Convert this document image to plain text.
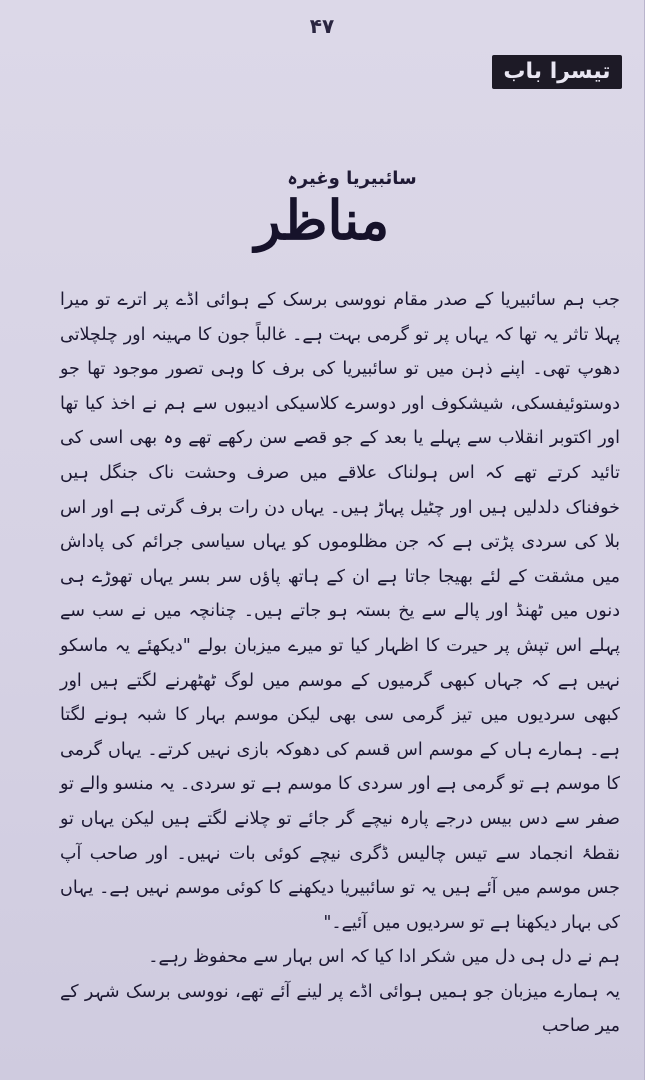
۴۷
تیسرا باب
سائبیریا وغیرہ
مناظر

جب ہم سائبیریا کے صدر مقام نووسی برسک کے ہوائی اڈے پر اترے تو میرا پہلا تاثر یہ تھا کہ یہاں پر تو گرمی بہت ہے۔ غالباً جون کا مہینہ اور چلچلاتی دھوپ تھی۔ اپنے ذہن میں تو سائبیریا کی برف کا وہی تصور موجود تھا جو دوستوئیفسکی، شیشکوف اور دوسرے کلاسیکی ادیبوں سے ہم نے اخذ کیا تھا اور اکتوبر انقلاب سے پہلے یا بعد کے جو قصے سن رکھے تھے وہ بھی اسی کی تائید کرتے تھے کہ اس ہولناک علاقے میں صرف وحشت ناک جنگل ہیں خوفناک دلدلیں ہیں اور چٹیل پہاڑ ہیں۔ یہاں دن رات برف گرتی ہے اور اس بلا کی سردی پڑتی ہے کہ جن مظلوموں کو یہاں سیاسی جرائم کی پاداش میں مشقت کے لئے بھیجا جاتا ہے ان کے ہاتھ پاؤں سر بسر یہاں تھوڑے ہی دنوں میں ٹھنڈ اور پالے سے یخ بستہ ہو جاتے ہیں۔ چنانچہ میں نے سب سے پہلے اس تپش پر حیرت کا اظہار کیا تو میرے میزبان بولے "دیکھئے یہ ماسکو نہیں ہے کہ جہاں کبھی گرمیوں کے موسم میں لوگ ٹھٹھرنے لگتے ہیں اور کبھی سردیوں میں تیز گرمی سی بھی لیکن موسم بہار کا شبہ ہونے لگتا ہے۔ ہمارے ہاں کے موسم اس قسم کی دھوکہ بازی نہیں کرتے۔ یہاں گرمی کا موسم ہے تو گرمی ہے اور سردی کا موسم ہے تو سردی۔ یہ منسو والے تو صفر سے دس بیس درجے پارہ نیچے گر جائے تو چلانے لگتے ہیں لیکن یہاں تو نقطۂ انجماد سے تیس چالیس ڈگری نیچے کوئی بات نہیں۔ اور صاحب آپ جس موسم میں آئے ہیں یہ تو سائبیریا دیکھنے کا کوئی موسم نہیں ہے۔ یہاں کی بہار دیکھنا ہے تو سردیوں میں آئیے۔"

ہم نے دل ہی دل میں شکر ادا کیا کہ اس بہار سے محفوظ رہے۔

یہ ہمارے میزبان جو ہمیں ہوائی اڈے پر لینے آئے تھے، نووسی برسک شہر کے میر صاحب
